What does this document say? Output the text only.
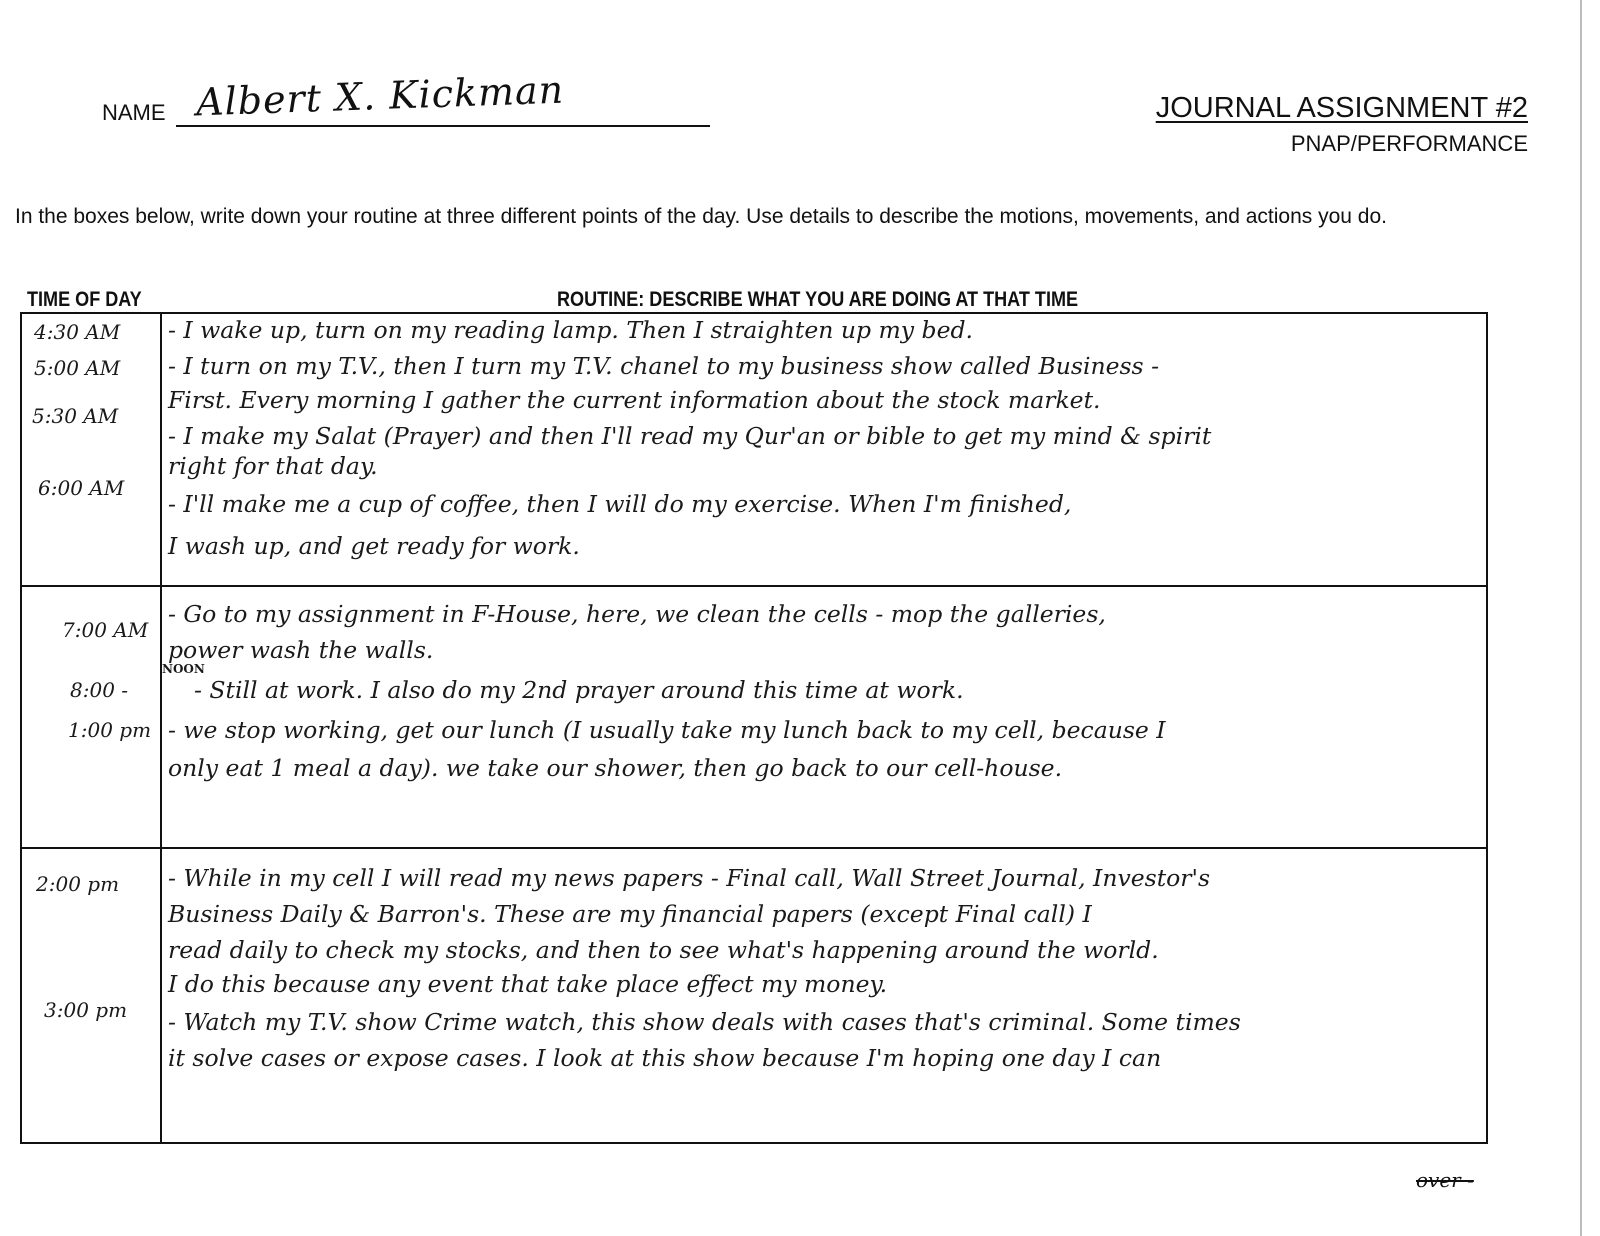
NAME Albert X. Kickman	JOURNAL ASSIGNMENT #2
PNAP/PERFORMANCE
In the boxes below, write down your routine at three different points of the day. Use details to describe the motions, movements, and actions you do.
TIME OF DAY	ROUTINE: DESCRIBE WHAT YOU ARE DOING AT THAT TIME
4:30 AM
5:00 AM
5:30 AM
6:00 AM
- I wake up, turn on my reading lamp. Then I straighten up my bed.
- I turn on my T.V., then I turn my T.V. chanel to my business show called Business -
First. Every morning I gather the current information about the stock market.
- I make my Salat (Prayer) and then I'll read my Qur'an or bible to get my mind & spirit
right for that day.
- I'll make me a cup of coffee, then I will do my exercise. When I'm finished,
I wash up, and get ready for work.
7:00 AM
NOON
8:00 -
1:00 pm
- Go to my assignment in F-House, here, we clean the cells - mop the galleries,
power wash the walls.
- Still at work. I also do my 2nd prayer around this time at work.
- we stop working, get our lunch (I usually take my lunch back to my cell, because I
only eat 1 meal a day). we take our shower, then go back to our cell-house.
2:00 pm
3:00 pm
- While in my cell I will read my news papers - Final call, Wall Street Journal, Investor's
Business Daily & Barron's. These are my financial papers (except Final call) I
read daily to check my stocks, and then to see what's happening around the world.
I do this because any event that take place effect my money.
- Watch my T.V. show Crime watch, this show deals with cases that's criminal. Some times
it solve cases or expose cases. I look at this show because I'm hoping one day I can
over -
